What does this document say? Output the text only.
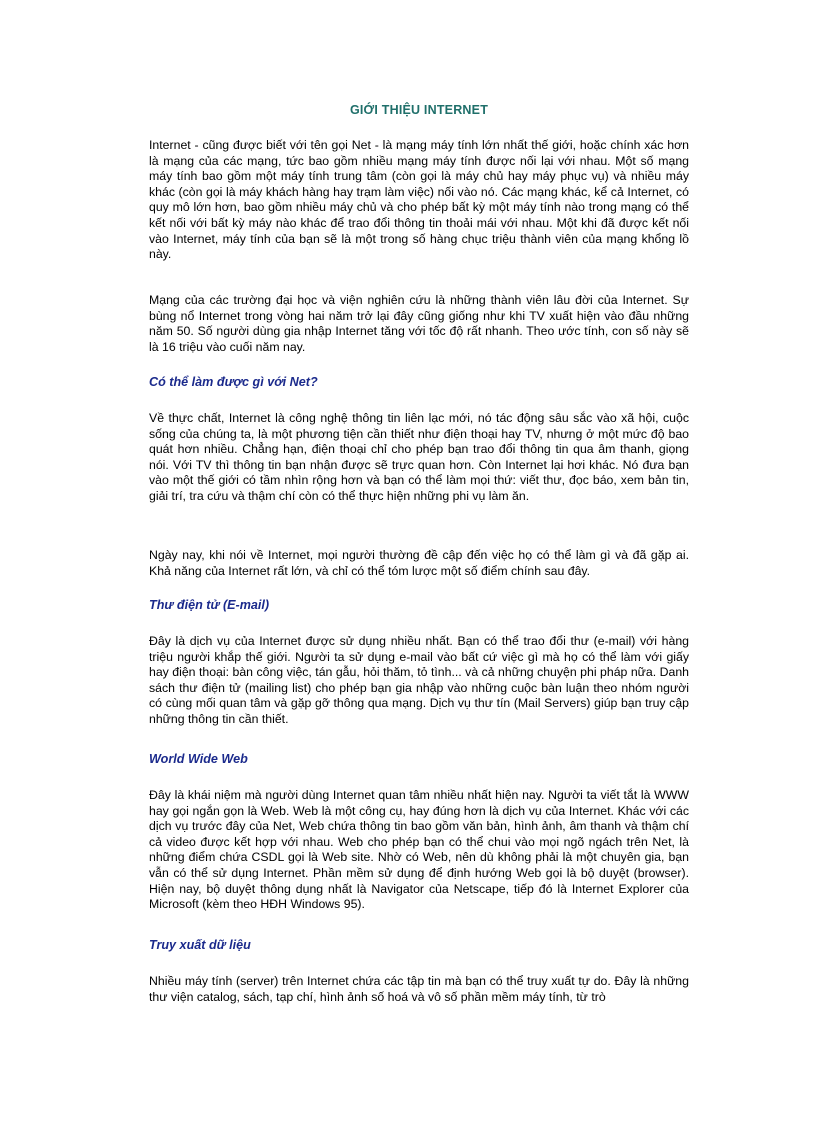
GIỚI THIỆU INTERNET

Internet - cũng được biết với tên gọi Net - là mạng máy tính lớn nhất thế giới, hoặc chính xác hơn là mạng của các mạng, tức bao gồm nhiều mạng máy tính được nối lại với nhau. Một số mạng máy tính bao gồm một máy tính trung tâm (còn gọi là máy chủ hay máy phục vụ) và nhiều máy khác (còn gọi là máy khách hàng hay trạm làm việc) nối vào nó. Các mạng khác, kể cả Internet, có quy mô lớn hơn, bao gồm nhiều máy chủ và cho phép bất kỳ một máy tính nào trong mạng có thể kết nối với bất kỳ máy nào khác để trao đổi thông tin thoải mái với nhau. Một khi đã được kết nối vào Internet, máy tính của bạn sẽ là một trong số hàng chục triệu thành viên của mạng khổng lồ này.

Mạng của các trường đại học và viện nghiên cứu là những thành viên lâu đời của Internet. Sự bùng nổ Internet trong vòng hai năm trở lại đây cũng giống như khi TV xuất hiện vào đầu những năm 50. Số người dùng gia nhập Internet tăng với tốc độ rất nhanh. Theo ước tính, con số này sẽ là 16 triệu vào cuối năm nay.

Có thể làm được gì với Net?

Về thực chất, Internet là công nghệ thông tin liên lạc mới, nó tác động sâu sắc vào xã hội, cuộc sống của chúng ta, là một phương tiện cần thiết như điện thoại hay TV, nhưng ở một mức độ bao quát hơn nhiều. Chẳng hạn, điện thoại chỉ cho phép bạn trao đổi thông tin qua âm thanh, giọng nói. Với TV thì thông tin bạn nhận được sẽ trực quan hơn. Còn Internet lại hơi khác. Nó đưa bạn vào một thế giới có tầm nhìn rộng hơn và bạn có thể làm mọi thứ: viết thư, đọc báo, xem bản tin, giải trí, tra cứu và thậm chí còn có thể thực hiện những phi vụ làm ăn.

Ngày nay, khi nói về Internet, mọi người thường đề cập đến việc họ có thể làm gì và đã gặp ai. Khả năng của Internet rất lớn, và chỉ có thể tóm lược một số điểm chính sau đây.

Thư điện tử (E-mail)

Đây là dịch vụ của Internet được sử dụng nhiều nhất. Bạn có thể trao đổi thư (e-mail) với hàng triệu người khắp thế giới. Người ta sử dụng e-mail vào bất cứ việc gì mà họ có thể làm với giấy hay điện thoại: bàn công việc, tán gẫu, hỏi thăm, tỏ tình... và cả những chuyện phi pháp nữa. Danh sách thư điện tử (mailing list) cho phép bạn gia nhập vào những cuộc bàn luận theo nhóm người có cùng mối quan tâm và gặp gỡ thông qua mạng. Dịch vụ thư tín (Mail Servers) giúp bạn truy cập những thông tin cần thiết.

World Wide Web

Đây là khái niệm mà người dùng Internet quan tâm nhiều nhất hiện nay. Người ta viết tắt là WWW hay gọi ngắn gọn là Web. Web là một công cụ, hay đúng hơn là dịch vụ của Internet. Khác với các dịch vụ trước đây của Net, Web chứa thông tin bao gồm văn bản, hình ảnh, âm thanh và thậm chí cả video được kết hợp với nhau. Web cho phép bạn có thể chui vào mọi ngõ ngách trên Net, là những điểm chứa CSDL gọi là Web site. Nhờ có Web, nên dù không phải là một chuyên gia, bạn vẫn có thể sử dụng Internet. Phần mềm sử dụng để định hướng Web gọi là bộ duyệt (browser). Hiện nay, bộ duyệt thông dụng nhất là Navigator của Netscape, tiếp đó là Internet Explorer của Microsoft (kèm theo HĐH Windows 95).

Truy xuất dữ liệu

Nhiều máy tính (server) trên Internet chứa các tập tin mà bạn có thể truy xuất tự do. Đây là những thư viện catalog, sách, tạp chí, hình ảnh số hoá và vô số phần mềm máy tính, từ trò
